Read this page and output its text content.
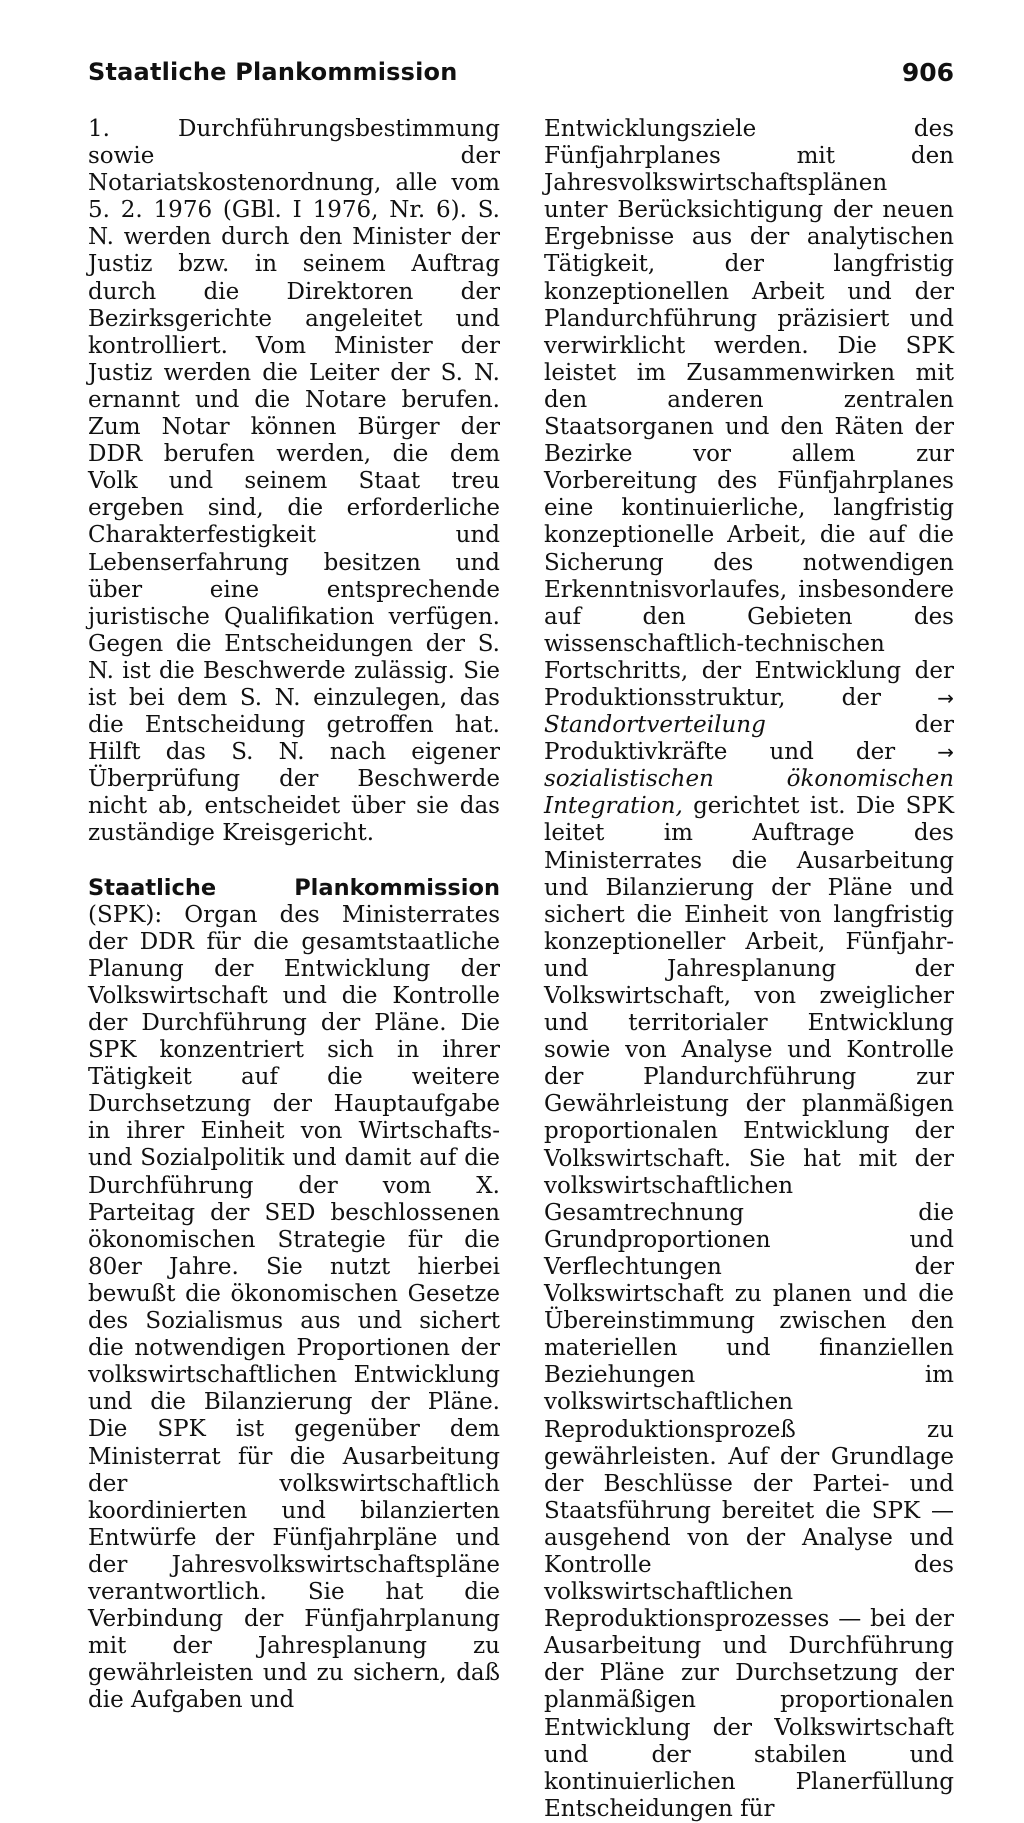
Staatliche Plankommission	906

1. Durchführungsbestimmung sowie der Notariatskostenordnung, alle vom 5. 2. 1976 (GBl. I 1976, Nr. 6). S. N. werden durch den Minister der Justiz bzw. in seinem Auftrag durch die Direktoren der Bezirksgerichte angeleitet und kontrolliert. Vom Minister der Justiz werden die Leiter der S. N. ernannt und die Notare berufen. Zum Notar können Bürger der DDR berufen werden, die dem Volk und seinem Staat treu ergeben sind, die erforderliche Charakterfestigkeit und Lebenserfahrung besitzen und über eine entsprechende juristische Qualifikation verfügen. Gegen die Entscheidungen der S. N. ist die Beschwerde zulässig. Sie ist bei dem S. N. einzulegen, das die Entscheidung getroffen hat. Hilft das S. N. nach eigener Überprüfung der Beschwerde nicht ab, entscheidet über sie das zuständige Kreisgericht.

Staatliche Plankommission (SPK): Organ des Ministerrates der DDR für die gesamtstaatliche Planung der Entwicklung der Volkswirtschaft und die Kontrolle der Durchführung der Pläne. Die SPK konzentriert sich in ihrer Tätigkeit auf die weitere Durchsetzung der Hauptaufgabe in ihrer Einheit von Wirtschafts- und Sozialpolitik und damit auf die Durchführung der vom X. Parteitag der SED beschlossenen ökonomischen Strategie für die 80er Jahre. Sie nutzt hierbei bewußt die ökonomischen Gesetze des Sozialismus aus und sichert die notwendigen Proportionen der volkswirtschaftlichen Entwicklung und die Bilanzierung der Pläne. Die SPK ist gegenüber dem Ministerrat für die Ausarbeitung der volkswirtschaftlich koordinierten und bilanzierten Entwürfe der Fünfjahrpläne und der Jahresvolkswirtschaftspläne verantwortlich. Sie hat die Verbindung der Fünfjahrplanung mit der Jahresplanung zu gewährleisten und zu sichern, daß die Aufgaben und

Entwicklungsziele des Fünfjahrplanes mit den Jahresvolkswirtschaftsplänen unter Berücksichtigung der neuen Ergebnisse aus der analytischen Tätigkeit, der langfristig konzeptionellen Arbeit und der Plandurchführung präzisiert und verwirklicht werden. Die SPK leistet im Zusammenwirken mit den anderen zentralen Staatsorganen und den Räten der Bezirke vor allem zur Vorbereitung des Fünfjahrplanes eine kontinuierliche, langfristig konzeptionelle Arbeit, die auf die Sicherung des notwendigen Erkenntnisvorlaufes, insbesondere auf den Gebieten des wissenschaftlich-technischen Fortschritts, der Entwicklung der Produktionsstruktur, der	→ Standortverteilung	der Produktivkräfte und der → sozialistischen ökonomischen Integration, gerichtet ist. Die SPK leitet im Auftrage des Ministerrates die Ausarbeitung und Bilanzierung der Pläne und sichert die Einheit von langfristig konzeptioneller Arbeit, Fünfjahr- und Jahresplanung der Volkswirtschaft, von zweiglicher und territorialer Entwicklung sowie von Analyse und Kontrolle der Plandurchführung zur Gewährleistung der planmäßigen proportionalen Entwicklung der Volkswirtschaft. Sie hat mit der volkswirtschaftlichen Gesamtrechnung die Grundproportionen und Verflechtungen der Volkswirtschaft zu planen und die Übereinstimmung zwischen den materiellen und finanziellen Beziehungen im volkswirtschaftlichen Reproduktionsprozeß zu gewährleisten. Auf der Grundlage der Beschlüsse der Partei- und Staatsführung bereitet die SPK — ausgehend von der Analyse und Kontrolle des volkswirtschaftlichen Reproduktionsprozesses — bei der Ausarbeitung und Durchführung der Pläne zur Durchsetzung der planmäßigen proportionalen Entwicklung der Volkswirtschaft und der stabilen und kontinuierlichen Planerfüllung Entscheidungen für
